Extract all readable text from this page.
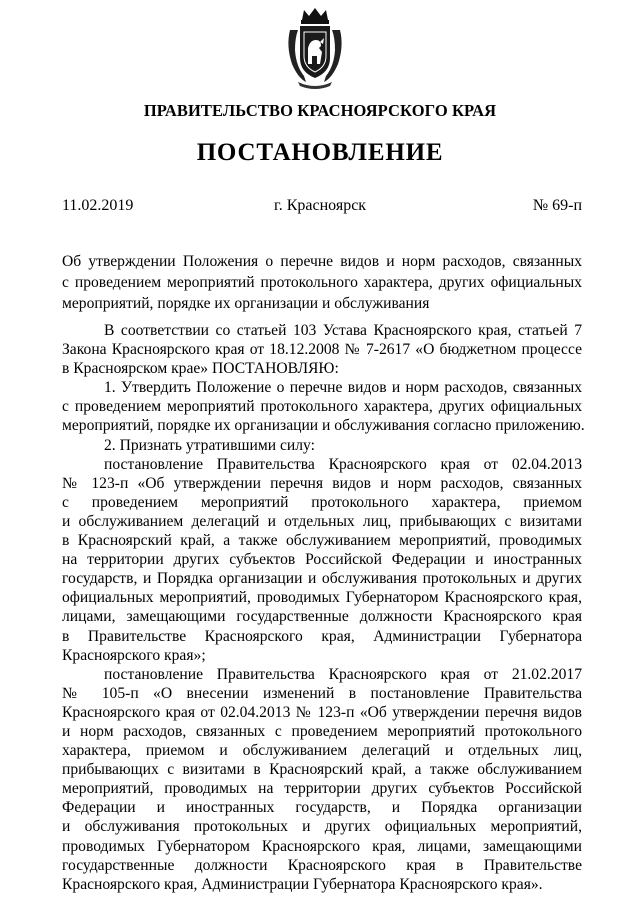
ПРАВИТЕЛЬСТВО КРАСНОЯРСКОГО КРАЯ
ПОСТАНОВЛЕНИЕ
11.02.2019	г. Красноярск	№ 69-п
Об утверждении Положения о перечне видов и норм расходов, связанных
с проведением мероприятий протокольного характера, других официальных
мероприятий, порядке их организации и обслуживания
В соответствии со статьей 103 Устава Красноярского края, статьей 7
Закона Красноярского края от 18.12.2008 № 7-2617 «О бюджетном процессе
в Красноярском крае» ПОСТАНОВЛЯЮ:
1. Утвердить Положение о перечне видов и норм расходов, связанных
с проведением мероприятий протокольного характера, других официальных
мероприятий, порядке их организации и обслуживания согласно приложению.
2. Признать утратившими силу:
постановление Правительства Красноярского края от 02.04.2013
№ 123-п «Об утверждении перечня видов и норм расходов, связанных
с проведением мероприятий протокольного характера, приемом
и обслуживанием делегаций и отдельных лиц, прибывающих с визитами
в Красноярский край, а также обслуживанием мероприятий, проводимых
на территории других субъектов Российской Федерации и иностранных
государств, и Порядка организации и обслуживания протокольных и других
официальных мероприятий, проводимых Губернатором Красноярского края,
лицами, замещающими государственные должности Красноярского края
в Правительстве Красноярского края, Администрации Губернатора
Красноярского края»;
постановление Правительства Красноярского края от 21.02.2017
№ 105-п «О внесении изменений в постановление Правительства
Красноярского края от 02.04.2013 № 123-п «Об утверждении перечня видов
и норм расходов, связанных с проведением мероприятий протокольного
характера, приемом и обслуживанием делегаций и отдельных лиц,
прибывающих с визитами в Красноярский край, а также обслуживанием
мероприятий, проводимых на территории других субъектов Российской
Федерации и иностранных государств, и Порядка организации
и обслуживания протокольных и других официальных мероприятий,
проводимых Губернатором Красноярского края, лицами, замещающими
государственные должности Красноярского края в Правительстве
Красноярского края, Администрации Губернатора Красноярского края».
